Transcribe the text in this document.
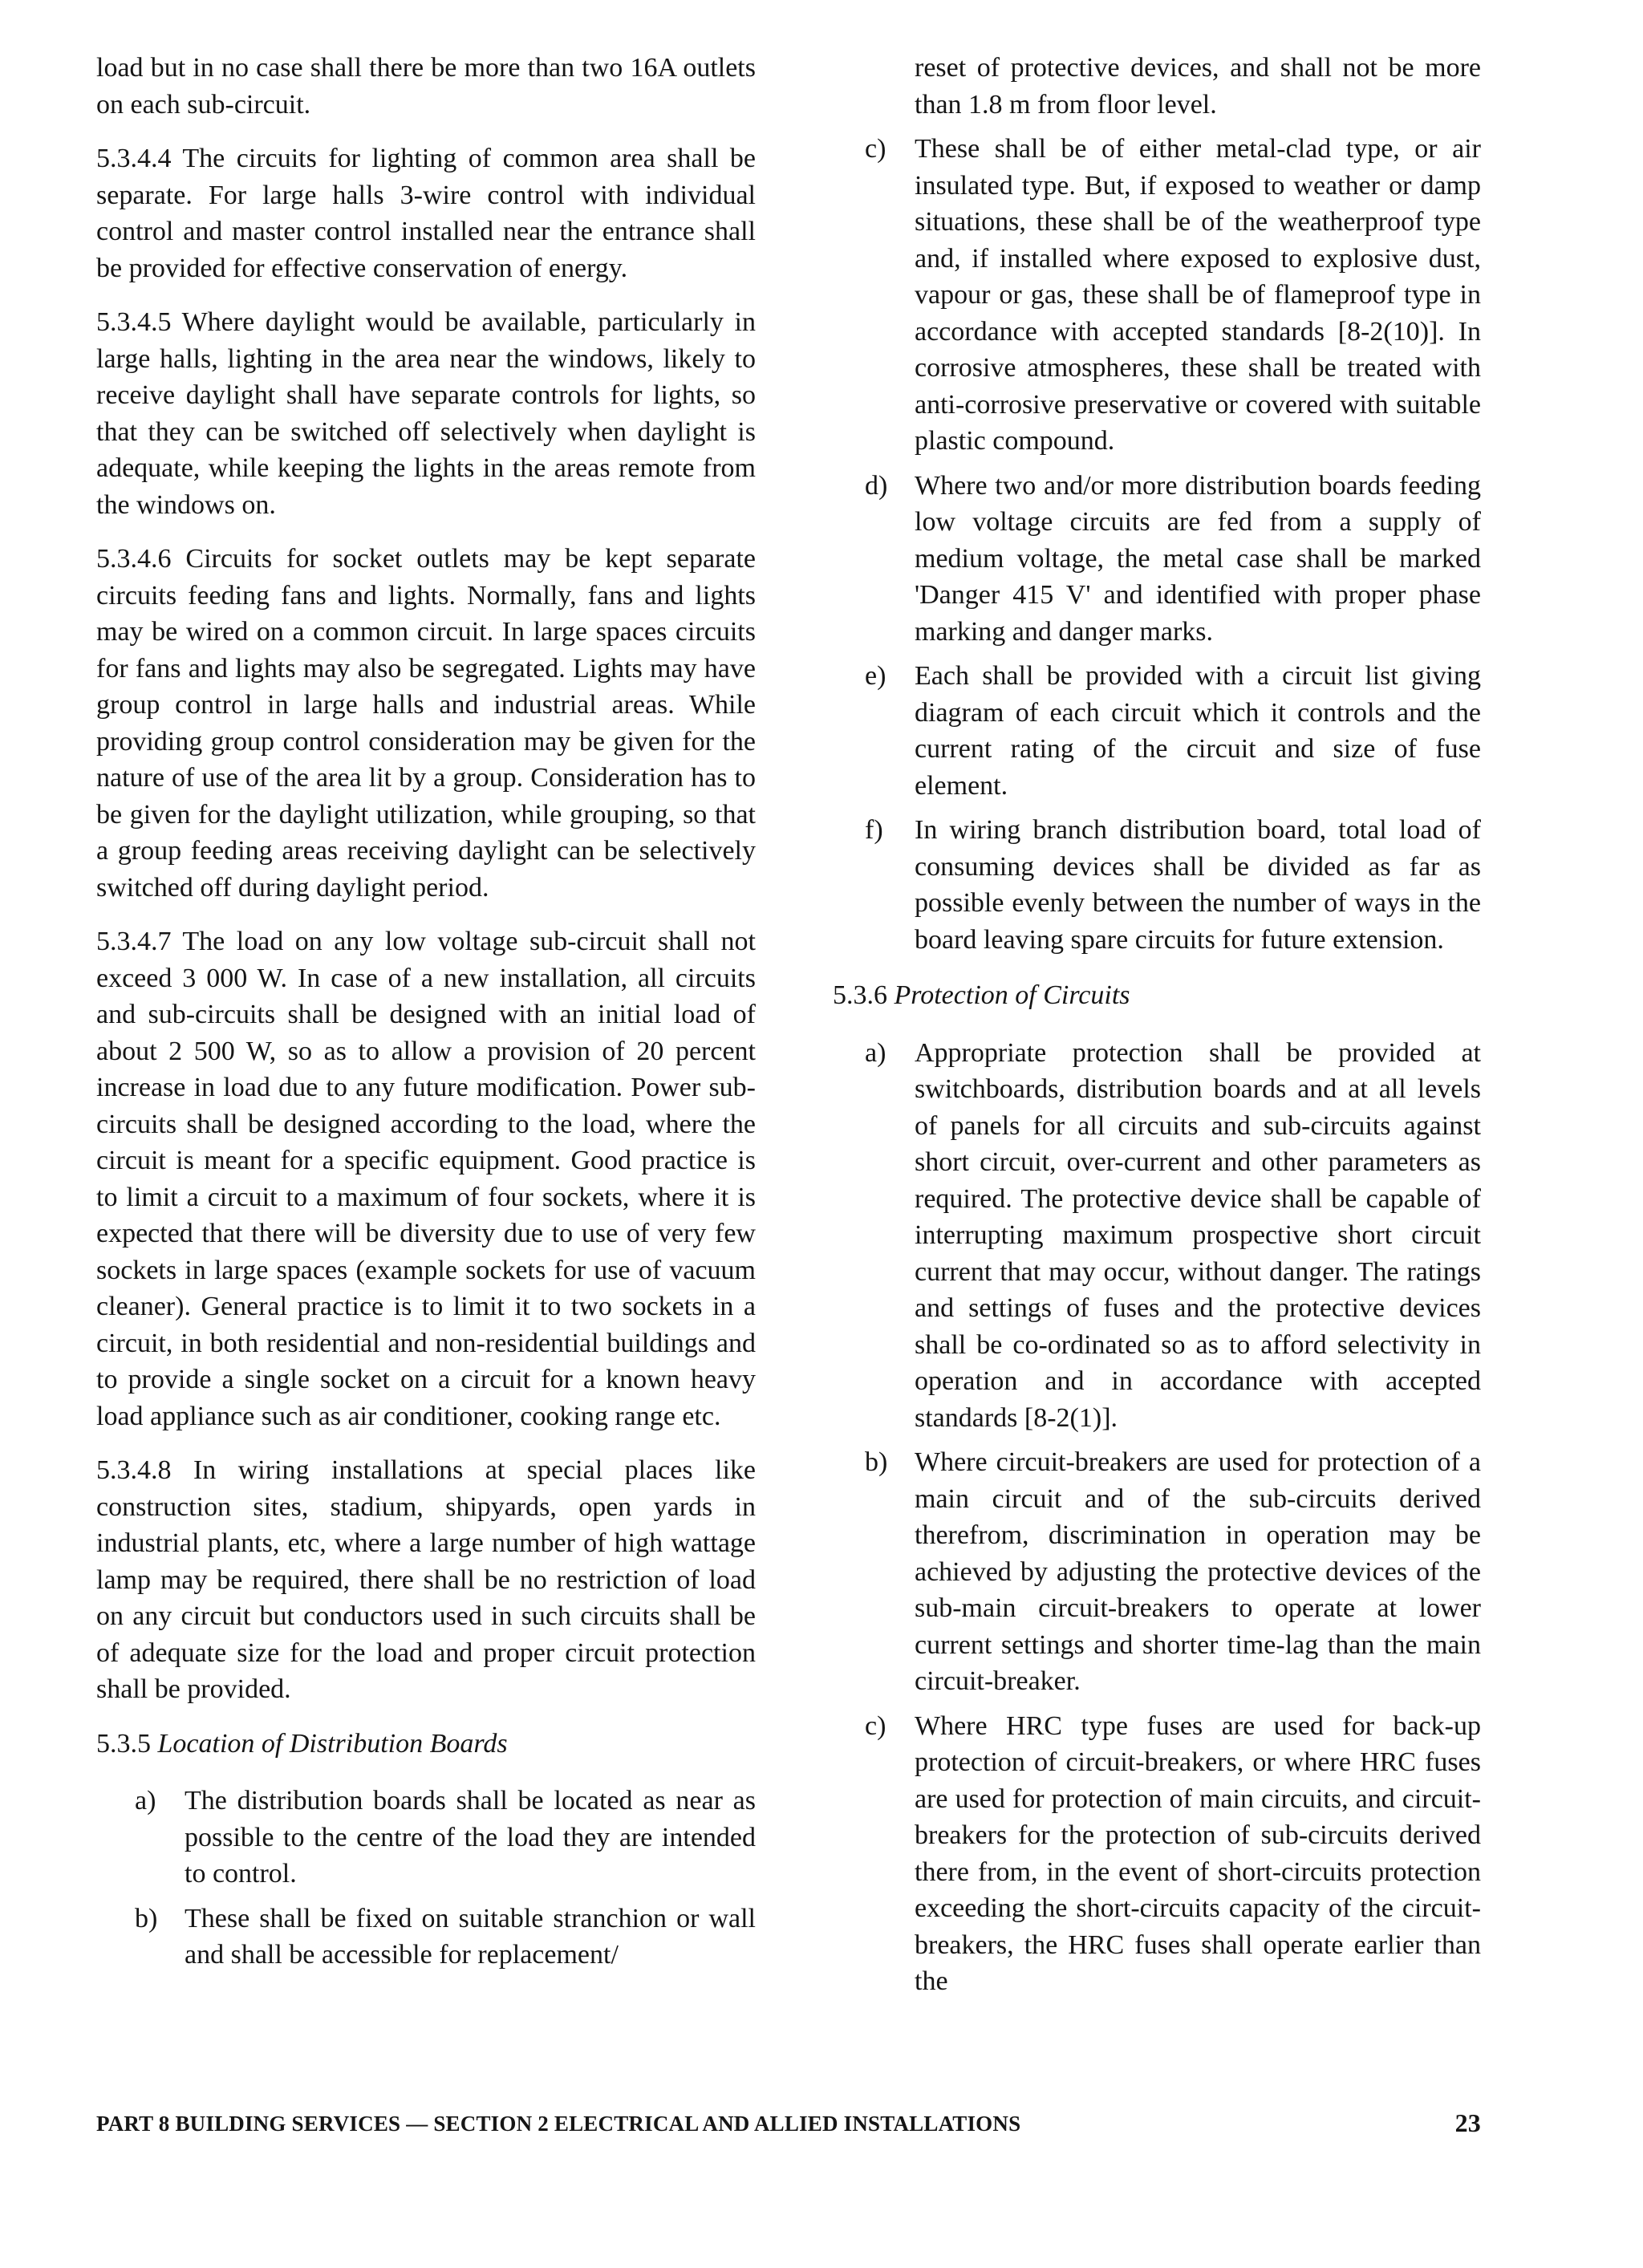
load but in no case shall there be more than two 16A outlets on each sub-circuit.

5.3.4.4 The circuits for lighting of common area shall be separate. For large halls 3-wire control with individual control and master control installed near the entrance shall be provided for effective conservation of energy.

5.3.4.5 Where daylight would be available, particularly in large halls, lighting in the area near the windows, likely to receive daylight shall have separate controls for lights, so that they can be switched off selectively when daylight is adequate, while keeping the lights in the areas remote from the windows on.

5.3.4.6 Circuits for socket outlets may be kept separate circuits feeding fans and lights. Normally, fans and lights may be wired on a common circuit. In large spaces circuits for fans and lights may also be segregated. Lights may have group control in large halls and industrial areas. While providing group control consideration may be given for the nature of use of the area lit by a group. Consideration has to be given for the daylight utilization, while grouping, so that a group feeding areas receiving daylight can be selectively switched off during daylight period.

5.3.4.7 The load on any low voltage sub-circuit shall not exceed 3 000 W. In case of a new installation, all circuits and sub-circuits shall be designed with an initial load of about 2 500 W, so as to allow a provision of 20 percent increase in load due to any future modification. Power sub-circuits shall be designed according to the load, where the circuit is meant for a specific equipment. Good practice is to limit a circuit to a maximum of four sockets, where it is expected that there will be diversity due to use of very few sockets in large spaces (example sockets for use of vacuum cleaner). General practice is to limit it to two sockets in a circuit, in both residential and non-residential buildings and to provide a single socket on a circuit for a known heavy load appliance such as air conditioner, cooking range etc.

5.3.4.8 In wiring installations at special places like construction sites, stadium, shipyards, open yards in industrial plants, etc, where a large number of high wattage lamp may be required, there shall be no restriction of load on any circuit but conductors used in such circuits shall be of adequate size for the load and proper circuit protection shall be provided.

5.3.5 Location of Distribution Boards
a) The distribution boards shall be located as near as possible to the centre of the load they are intended to control.
b) These shall be fixed on suitable stranchion or wall and shall be accessible for replacement/
reset of protective devices, and shall not be more than 1.8 m from floor level.
c) These shall be of either metal-clad type, or air insulated type. But, if exposed to weather or damp situations, these shall be of the weatherproof type and, if installed where exposed to explosive dust, vapour or gas, these shall be of flameproof type in accordance with accepted standards [8-2(10)]. In corrosive atmospheres, these shall be treated with anti-corrosive preservative or covered with suitable plastic compound.
d) Where two and/or more distribution boards feeding low voltage circuits are fed from a supply of medium voltage, the metal case shall be marked 'Danger 415 V' and identified with proper phase marking and danger marks.
e) Each shall be provided with a circuit list giving diagram of each circuit which it controls and the current rating of the circuit and size of fuse element.
f) In wiring branch distribution board, total load of consuming devices shall be divided as far as possible evenly between the number of ways in the board leaving spare circuits for future extension.
5.3.6 Protection of Circuits
a) Appropriate protection shall be provided at switchboards, distribution boards and at all levels of panels for all circuits and sub-circuits against short circuit, over-current and other parameters as required. The protective device shall be capable of interrupting maximum prospective short circuit current that may occur, without danger. The ratings and settings of fuses and the protective devices shall be co-ordinated so as to afford selectivity in operation and in accordance with accepted standards [8-2(1)].
b) Where circuit-breakers are used for protection of a main circuit and of the sub-circuits derived therefrom, discrimination in operation may be achieved by adjusting the protective devices of the sub-main circuit-breakers to operate at lower current settings and shorter time-lag than the main circuit-breaker.
c) Where HRC type fuses are used for back-up protection of circuit-breakers, or where HRC fuses are used for protection of main circuits, and circuit-breakers for the protection of sub-circuits derived there from, in the event of short-circuits protection exceeding the short-circuits capacity of the circuit-breakers, the HRC fuses shall operate earlier than the
PART 8 BUILDING SERVICES — SECTION 2 ELECTRICAL AND ALLIED INSTALLATIONS	23
